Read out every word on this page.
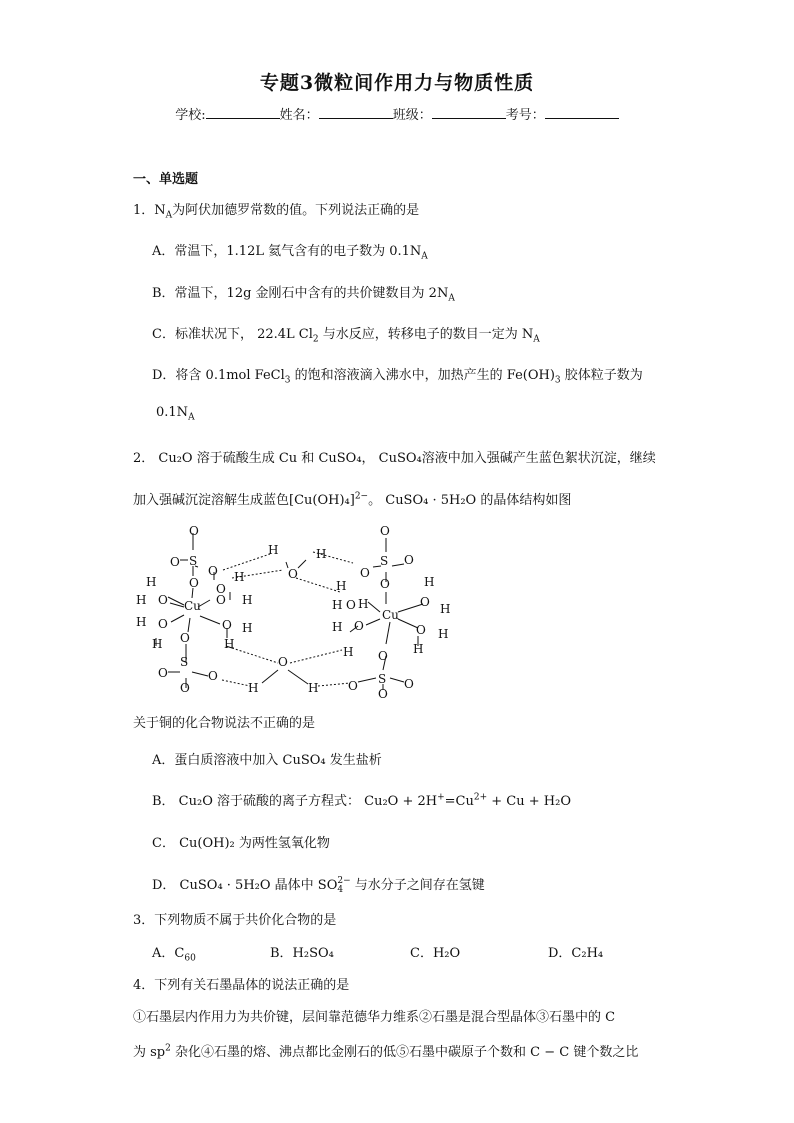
专题3微粒间作用力与物质性质
学校:	姓名：	班级：	考号：
一、单选题
1．$N_A$为阿伏加德罗常数的值。下列说法正确的是
A．常温下，1.12L 氦气含有的电子数为 $0.1N_A$
B．常温下，12g 金刚石中含有的共价键数目为 $2N_A$
C．标准状况下， 22.4L $Cl_2$ 与水反应，转移电子的数目一定为 $N_A$
D．将含 0.1mol FeCl$_3$ 的饱和溶液滴入沸水中，加热产生的 $Fe(OH)_3$ 胶体粒子数为
$0.1N_A$
2． Cu₂O 溶于硫酸生成 Cu 和 CuSO₄， CuSO₄溶液中加入强碱产生蓝色絮状沉淀，继续
加入强碱沉淀溶解生成蓝色$[Cu(OH)_4]^{2-}$。 CuSO₄ · 5H₂O 的晶体结构如图
O
S
O
O
O
H
H O Cu
O
H
O H
H O	O H
H O	H
S
O	O
O
H	H
O
O
S
O
O
O
H
H
H O
Cu
H
O H
H O	O H
H
H
O	O
S O
O
O
H	H
关于铜的化合物说法不正确的是
A．蛋白质溶液中加入 CuSO₄ 发生盐析
B． Cu₂O 溶于硫酸的离子方程式： $Cu_2O + 2H^+=Cu^{2+} + Cu + H_2O$
C． Cu(OH)₂ 为两性氢氧化物
D． CuSO₄ · 5H₂O 晶体中 SO 2−
4 与水分子之间存在氢键
3．下列物质不属于共价化合物的是
A．$C_{60}$	B．H₂SO₄	C．H₂O	D．C₂H₄
4．下列有关石墨晶体的说法正确的是
①石墨层内作用力为共价键，层间靠范德华力维系②石墨是混合型晶体③石墨中的 C
为 $sp^2$ 杂化④石墨的熔、沸点都比金刚石的低⑤石墨中碳原子个数和 C − C 键个数之比
